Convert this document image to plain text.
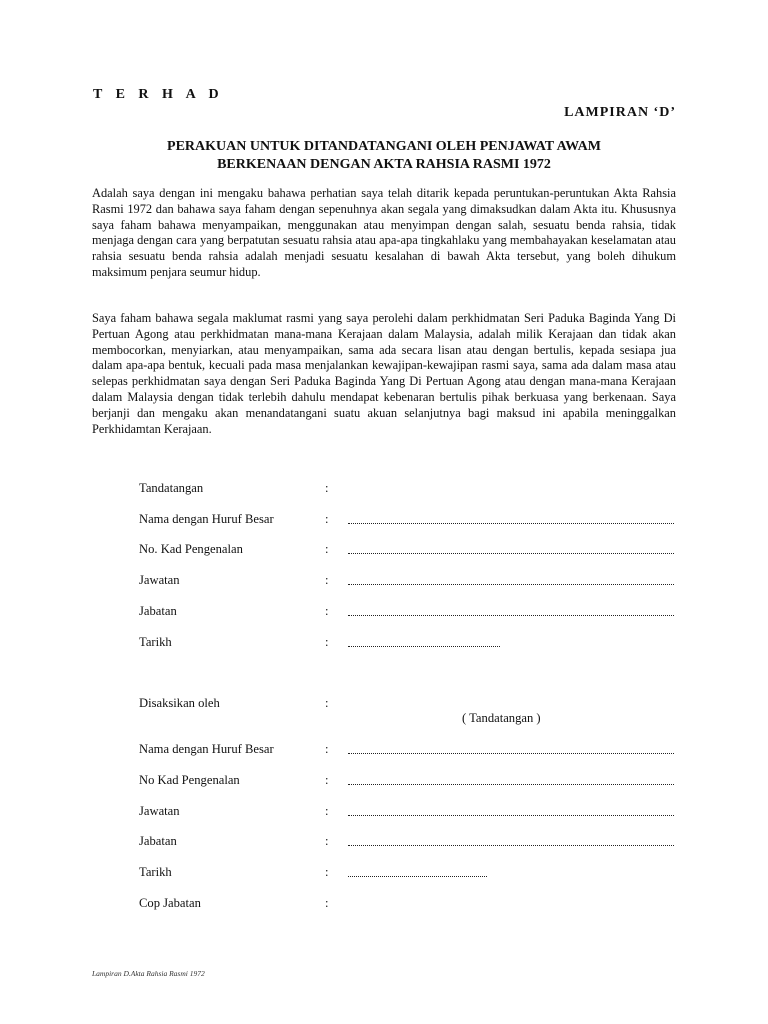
T E R H A D
LAMPIRAN ‘D’
PERAKUAN UNTUK DITANDATANGANI OLEH PENJAWAT AWAM
BERKENAAN DENGAN AKTA RAHSIA RASMI 1972

Adalah saya dengan ini mengaku bahawa perhatian saya telah ditarik kepada peruntukan-peruntukan Akta Rahsia Rasmi 1972 dan bahawa saya faham dengan sepenuhnya akan segala yang dimaksudkan dalam Akta itu. Khususnya saya faham bahawa menyampaikan, menggunakan atau menyimpan dengan salah, sesuatu benda rahsia, tidak menjaga dengan cara yang berpatutan sesuatu rahsia atau apa-apa tingkahlaku yang membahayakan keselamatan atau rahsia sesuatu benda rahsia adalah menjadi sesuatu kesalahan di bawah Akta tersebut, yang boleh dihukum maksimum penjara seumur hidup.

Saya faham bahawa segala maklumat rasmi yang saya perolehi dalam perkhidmatan Seri Paduka Baginda Yang Di Pertuan Agong atau perkhidmatan mana-mana Kerajaan dalam Malaysia, adalah milik Kerajaan dan tidak akan membocorkan, menyiarkan, atau menyampaikan, sama ada secara lisan atau dengan bertulis, kepada sesiapa jua dalam apa-apa bentuk, kecuali pada masa menjalankan kewajipan-kewajipan rasmi saya, sama ada dalam masa atau selepas perkhidmatan saya dengan Seri Paduka Baginda Yang Di Pertuan Agong atau dengan mana-mana Kerajaan dalam Malaysia dengan tidak terlebih dahulu mendapat kebenaran bertulis pihak berkuasa yang berkenaan. Saya berjanji dan mengaku akan menandatangani suatu akuan selanjutnya bagi maksud ini apabila meninggalkan Perkhidamtan Kerajaan.

Tandatangan	:
Nama dengan Huruf Besar	:
No. Kad Pengenalan	:
Jawatan	:
Jabatan	:
Tarikh	:
Disaksikan oleh	:
( Tandatangan )
Nama dengan Huruf Besar	:
No Kad Pengenalan	:
Jawatan	:
Jabatan	:
Tarikh	:
Cop Jabatan	:
Lampiran D.Akta Rahsia Rasmi 1972
